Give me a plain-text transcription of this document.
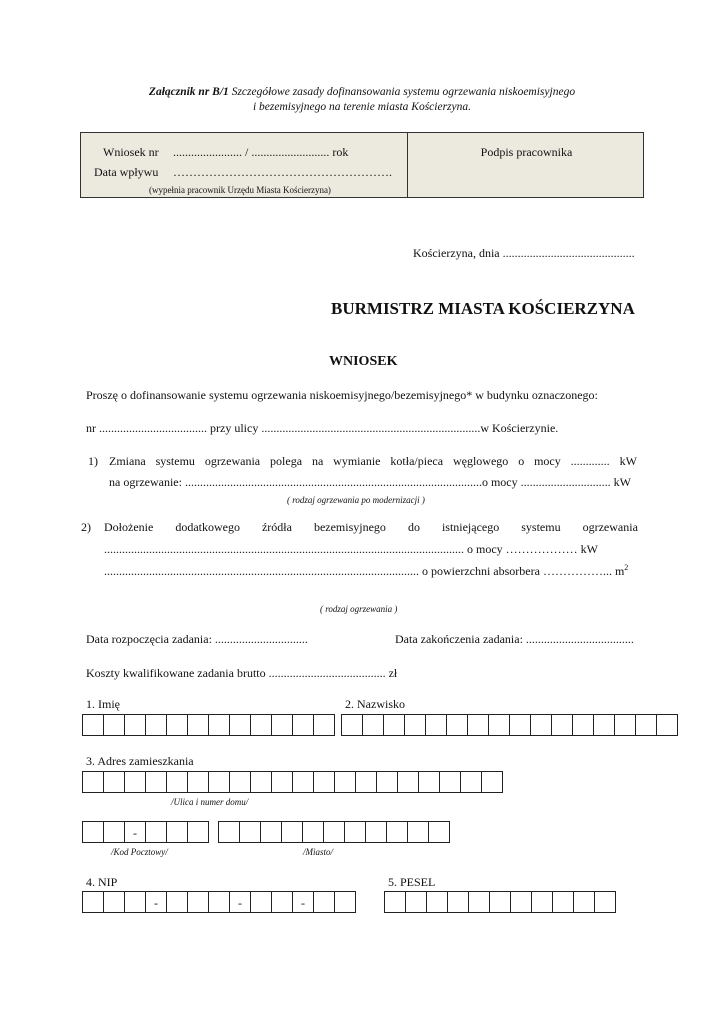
Załącznik nr B/1 Szczegółowe zasady dofinansowania systemu ogrzewania niskoemisyjnego
i bezemisyjnego na terenie miasta Kościerzyna.
Wniosek nr ....................... / .......................... rok
Data wpływu ……………………………………………….
(wypełnia pracownik Urzędu Miasta Kościerzyna)
Podpis pracownika
Kościerzyna, dnia ............................................
BURMISTRZ MIASTA KOŚCIERZYNA
WNIOSEK
Proszę o dofinansowanie systemu ogrzewania niskoemisyjnego/bezemisyjnego* w budynku oznaczonego:
nr .................................... przy ulicy .........................................................................w Kościerzynie.
1) Zmiana systemu ogrzewania polega na wymianie kotła/pieca węglowego o mocy ............. kW
na ogrzewanie: ...................................................................................................o mocy .............................. kW
( rodzaj ogrzewania po modernizacji )
2) Dołożenie dodatkowego źródła bezemisyjnego do istniejącego systemu ogrzewania
........................................................................................................................ o mocy ……………… kW
......................................................................................................... o powierzchni absorbera ……………... $m^2$
( rodzaj ogrzewania )
Data rozpoczęcia zadania: ...............................	Data zakończenia zadania: ....................................
Koszty kwalifikowane zadania brutto ....................................... zł
1. Imię	2. Nazwisko
3. Adres zamieszkania
/Ulica i numer domu/
-
/Kod Pocztowy/	/Miasto/
4. NIP	5. PESEL
-	-	-
